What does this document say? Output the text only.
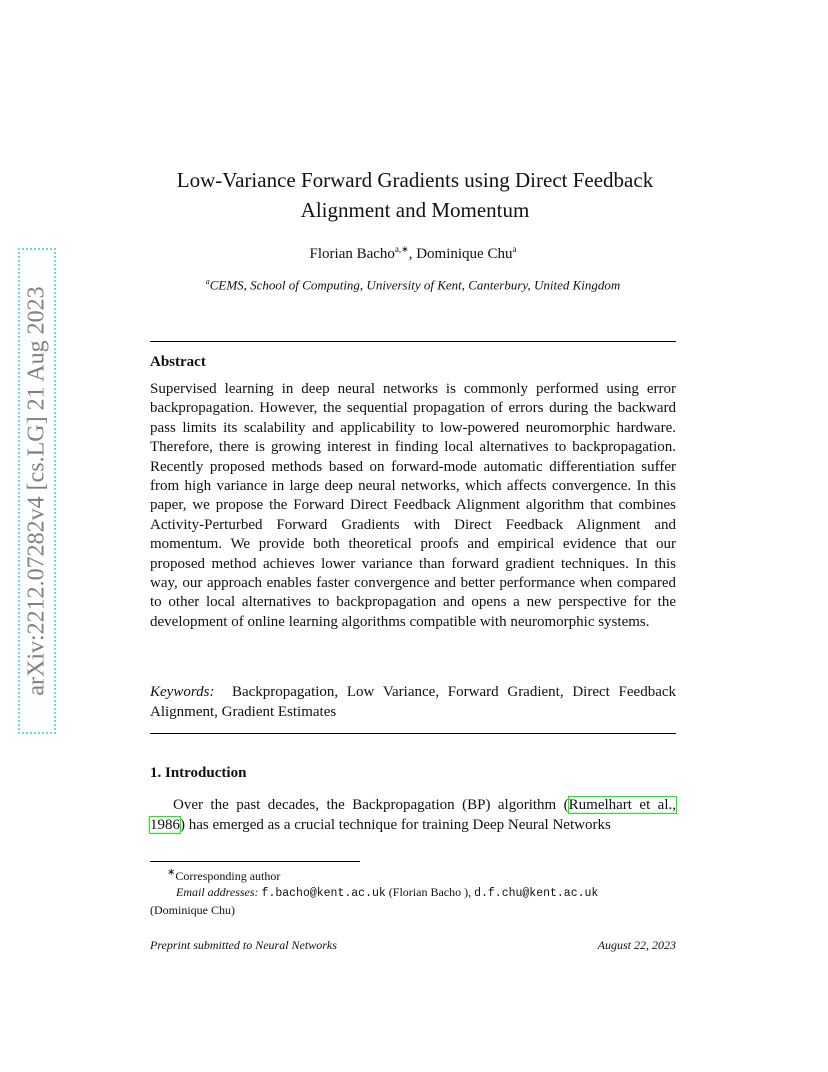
arXiv:2212.07282v4 [cs.LG] 21 Aug 2023
Low-Variance Forward Gradients using Direct Feedback
Alignment and Momentum
Florian Bacho$^{a,∗}$, Dominique Chu$^a$
$^a$CEMS, School of Computing, University of Kent, Canterbury, United Kingdom
Abstract
Supervised learning in deep neural networks is commonly performed using error backpropagation. However, the sequential propagation of errors during the backward pass limits its scalability and applicability to low-powered neuromorphic hardware. Therefore, there is growing interest in finding local alternatives to backpropagation. Recently proposed methods based on forward-mode automatic differentiation suffer from high variance in large deep neural networks, which affects convergence. In this paper, we propose the Forward Direct Feedback Alignment algorithm that combines Activity-Perturbed Forward Gradients with Direct Feedback Alignment and momentum. We provide both theoretical proofs and empirical evidence that our proposed method achieves lower variance than forward gradient techniques. In this way, our approach enables faster convergence and better performance when compared to other local alternatives to backpropagation and opens a new perspective for the development of online learning algorithms compatible with neuromorphic systems.
Keywords: Backpropagation, Low Variance, Forward Gradient, Direct Feedback Alignment, Gradient Estimates
1. Introduction
Over the past decades, the Backpropagation (BP) algorithm (Rumelhart et al., 1986) has emerged as a crucial technique for training Deep Neural Networks
∗Corresponding author
Email addresses: f.bacho@kent.ac.uk (Florian Bacho ), d.f.chu@kent.ac.uk
(Dominique Chu)
Preprint submitted to Neural Networks	August 22, 2023
